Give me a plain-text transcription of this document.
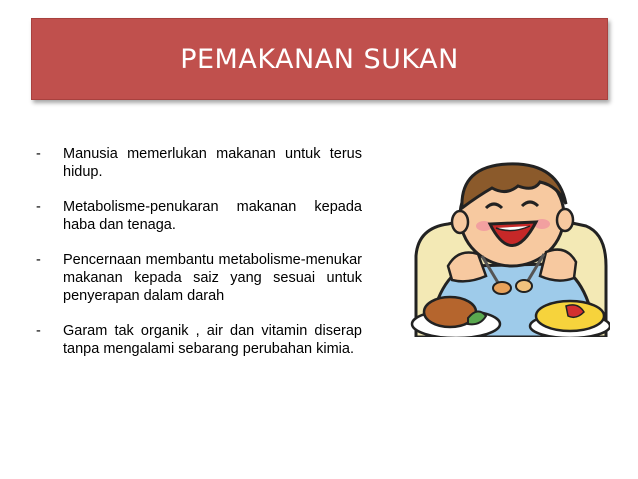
PEMAKANAN SUKAN
-	Manusia memerlukan makanan untuk terus hidup.
-	Metabolisme-penukaran makanan kepada haba dan tenaga.
-	Pencernaan membantu metabolisme-menukar makanan kepada saiz yang sesuai untuk penyerapan dalam darah
-	Garam tak organik , air dan vitamin diserap tanpa mengalami sebarang perubahan kimia.
